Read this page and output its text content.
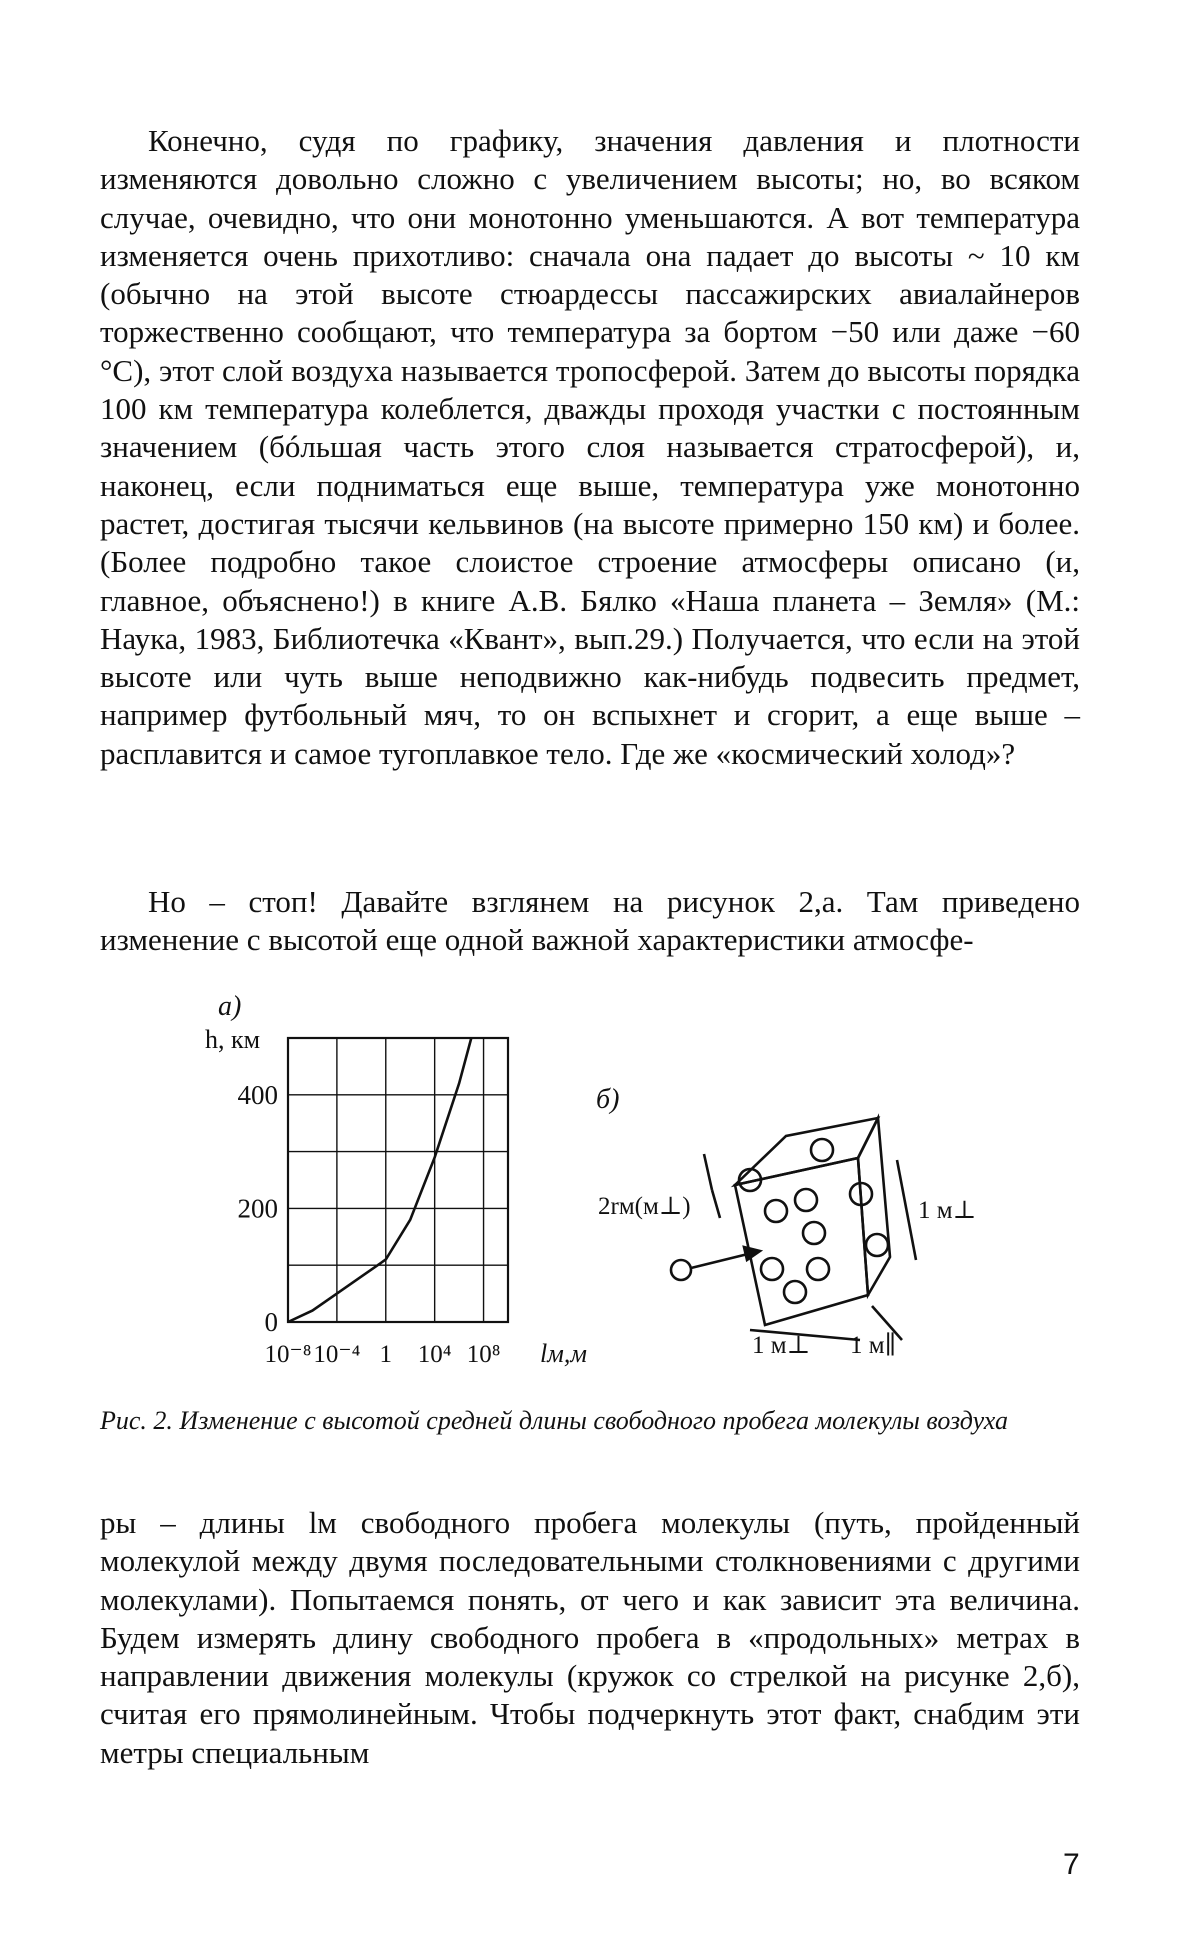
Конечно, судя по графику, значения давления и плотности изменяются довольно сложно с увеличением высоты; но, во всяком случае, очевидно, что они монотонно уменьшаются. А вот температура изменяется очень прихотливо: сначала она падает до высоты ~ 10 км (обычно на этой высоте стюардессы пассажирских авиалайнеров торжественно сообщают, что температура за бортом −50 или даже −60 °С), этот слой воздуха называется тропосферой. Затем до высоты порядка 100 км температура колеблется, дважды проходя участки с постоянным значением (бóльшая часть этого слоя называется стратосферой), и, наконец, если подниматься еще выше, температура уже монотонно растет, достигая тысячи кельвинов (на высоте примерно 150 км) и более. (Более подробно такое слоистое строение атмосферы описано (и, главное, объяснено!) в книге А.В. Бялко «Наша планета – Земля» (М.: Наука, 1983, Библиотечка «Квант», вып.29.) Получается, что если на этой высоте или чуть выше неподвижно как-нибудь подвесить предмет, например футбольный мяч, то он вспыхнет и сгорит, а еще выше – расплавится и самое тугоплавкое тело. Где же «космический холод»?
Но – стоп! Давайте взглянем на рисунок 2,а. Там приведено изменение с высотой еще одной важной характеристики атмосфе-
а)
h, км
400
200
0
10⁻⁸ 10⁻⁴ 1 10⁴ 10⁸ lм,м
б)
2rм(м⊥)	1 м⊥
1 м⊥ 1 м∥
Рис. 2. Изменение с высотой средней длины свободного пробега молекулы воздуха
ры – длины lм свободного пробега молекулы (путь, пройденный молекулой между двумя последовательными столкновениями с другими молекулами). Попытаемся понять, от чего и как зависит эта величина. Будем измерять длину свободного пробега в «продольных» метрах в направлении движения молекулы (кружок со стрелкой на рисунке 2,б), считая его прямолинейным. Чтобы подчеркнуть этот факт, снабдим эти метры специальным
7
